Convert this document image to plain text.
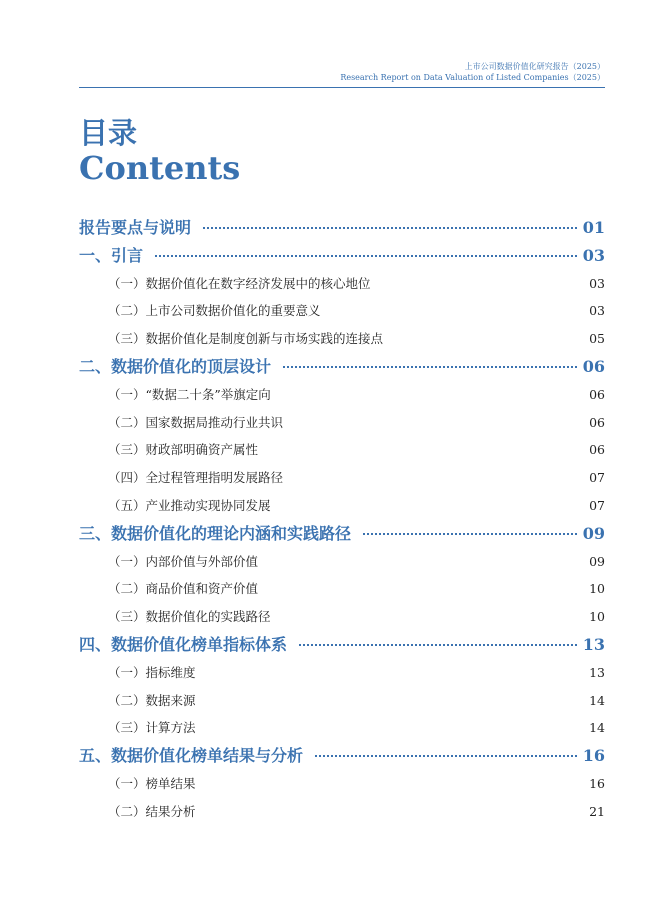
上市公司数据价值化研究报告（2025）
Research Report on Data Valuation of Listed Companies（2025）
目录
Contents
报告要点与说明	01
一、引言	03
（一）数据价值化在数字经济发展中的核心地位	03
（二）上市公司数据价值化的重要意义	03
（三）数据价值化是制度创新与市场实践的连接点	05
二、数据价值化的顶层设计	06
（一）“数据二十条”举旗定向	06
（二）国家数据局推动行业共识	06
（三）财政部明确资产属性	06
（四）全过程管理指明发展路径	07
（五）产业推动实现协同发展	07
三、数据价值化的理论内涵和实践路径	09
（一）内部价值与外部价值	09
（二）商品价值和资产价值	10
（三）数据价值化的实践路径	10
四、数据价值化榜单指标体系	13
（一）指标维度	13
（二）数据来源	14
（三）计算方法	14
五、数据价值化榜单结果与分析	16
（一）榜单结果	16
（二）结果分析	21
